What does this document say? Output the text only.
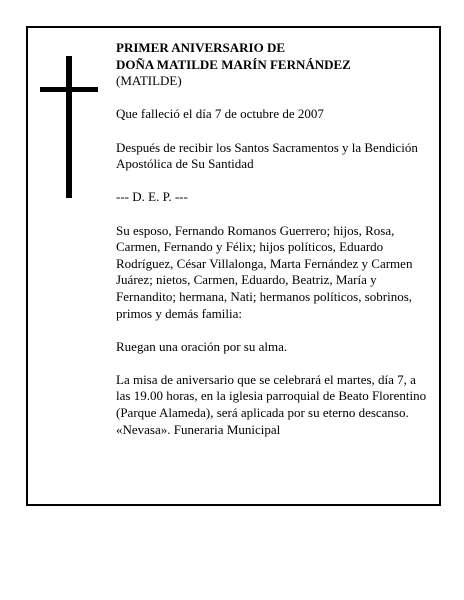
PRIMER ANIVERSARIO DE
DOÑA MATILDE MARÍN FERNÁNDEZ
(MATILDE)

Que falleció el día 7 de octubre de 2007

Después de recibir los Santos Sacramentos y la Bendición Apostólica de Su Santidad

--- D. E. P. ---

Su esposo, Fernando Romanos Guerrero; hijos, Rosa, Carmen, Fernando y Félix; hijos políticos, Eduardo Rodríguez, César Villalonga, Marta Fernández y Carmen Juárez; nietos, Carmen, Eduardo, Beatriz, María y Fernandito; hermana, Nati; hermanos políticos, sobrinos, primos y demás familia:

Ruegan una oración por su alma.

La misa de aniversario que se celebrará el martes, día 7, a las 19.00 horas, en la iglesia parroquial de Beato Florentino (Parque Alameda), será aplicada por su eterno descanso.

«Nevasa». Funeraria Municipal
